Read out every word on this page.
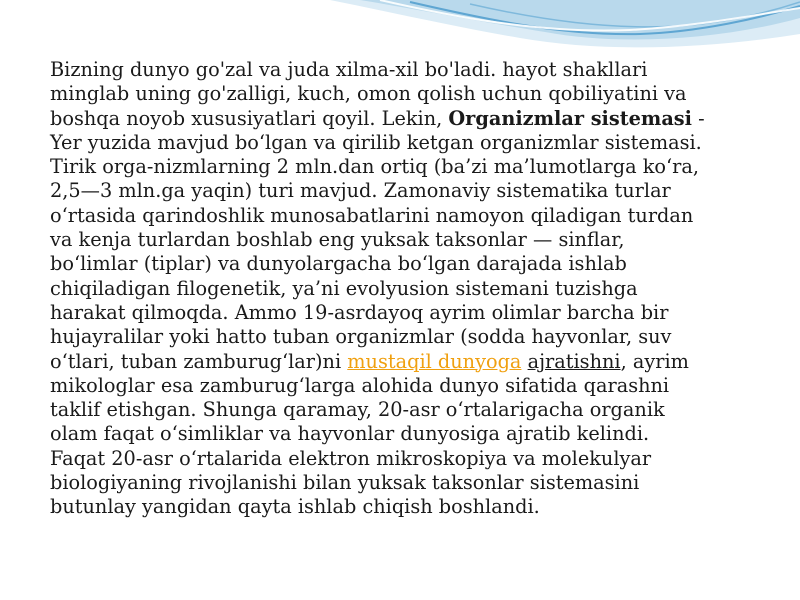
Bizning dunyo go'zal va juda xilma-xil bo'ladi. hayot shakllari
minglab uning go'zalligi, kuch, omon qolish uchun qobiliyatini va
boshqa noyob xususiyatlari qoyil. Lekin, Organizmlar sistemasi -
Yer yuzida mavjud bo‘lgan va qirilib ketgan organizmlar sistemasi.
Tirik orga-nizmlarning 2 mln.dan ortiq (ba’zi ma’lumotlarga ko‘ra,
2,5—3 mln.ga yaqin) turi mavjud. Zamonaviy sistematika turlar
o‘rtasida qarindoshlik munosabatlarini namoyon qiladigan turdan
va kenja turlardan boshlab eng yuksak taksonlar — sinflar,
bo‘limlar (tiplar) va dunyolargacha bo‘lgan darajada ishlab
chiqiladigan filogenetik, ya’ni evolyusion sistemani tuzishga
harakat qilmoqda. Ammo 19-asrdayoq ayrim olimlar barcha bir
hujayralilar yoki hatto tuban organizmlar (sodda hayvonlar, suv
o‘tlari, tuban zamburug‘lar)ni mustaqil dunyoga ajratishni, ayrim
mikologlar esa zamburug‘larga alohida dunyo sifatida qarashni
taklif etishgan. Shunga qaramay, 20-asr o‘rtalarigacha organik
olam faqat o‘simliklar va hayvonlar dunyosiga ajratib kelindi.
Faqat 20-asr o‘rtalarida elektron mikroskopiya va molekulyar
biologiyaning rivojlanishi bilan yuksak taksonlar sistemasini
butunlay yangidan qayta ishlab chiqish boshlandi.
